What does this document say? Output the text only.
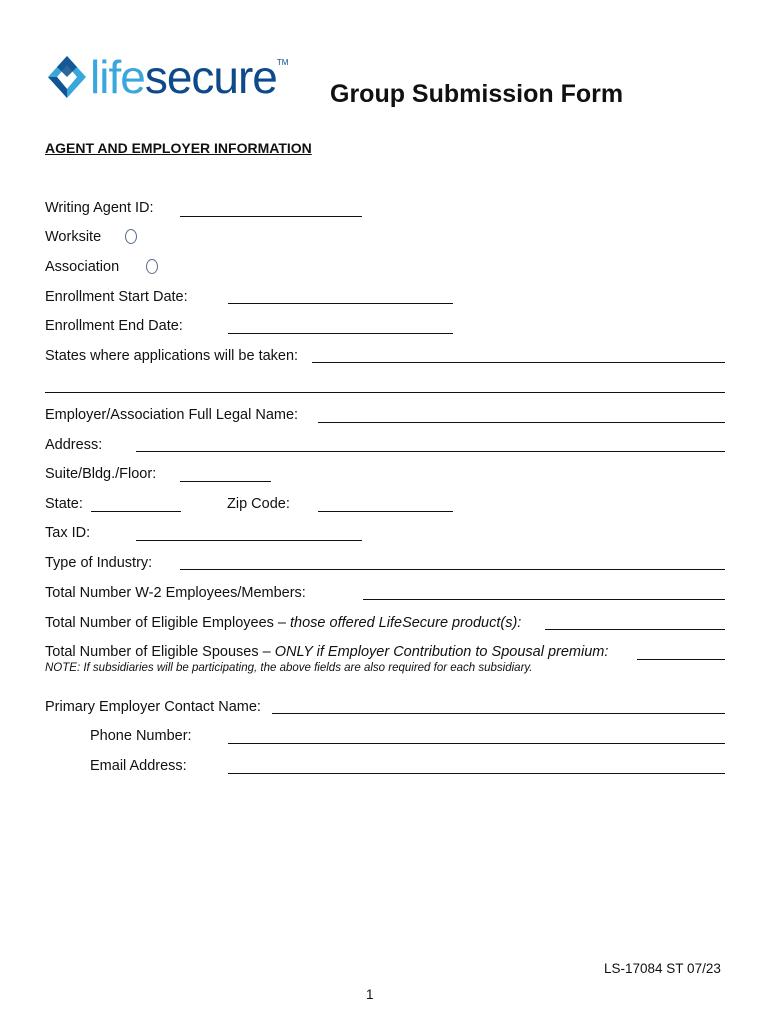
lifesecure™
Group Submission Form
AGENT AND EMPLOYER INFORMATION
Writing Agent ID:
Worksite
Association
Enrollment Start Date:
Enrollment End Date:
States where applications will be taken:
Employer/Association Full Legal Name:
Address:
Suite/Bldg./Floor:
State:	Zip Code:
Tax ID:
Type of Industry:
Total Number W-2 Employees/Members:
Total Number of Eligible Employees – those offered LifeSecure product(s):
Total Number of Eligible Spouses – ONLY if Employer Contribution to Spousal premium:
NOTE: If subsidiaries will be participating, the above fields are also required for each subsidiary.
Primary Employer Contact Name:
Phone Number:
Email Address:
LS-17084 ST 07/23
1
